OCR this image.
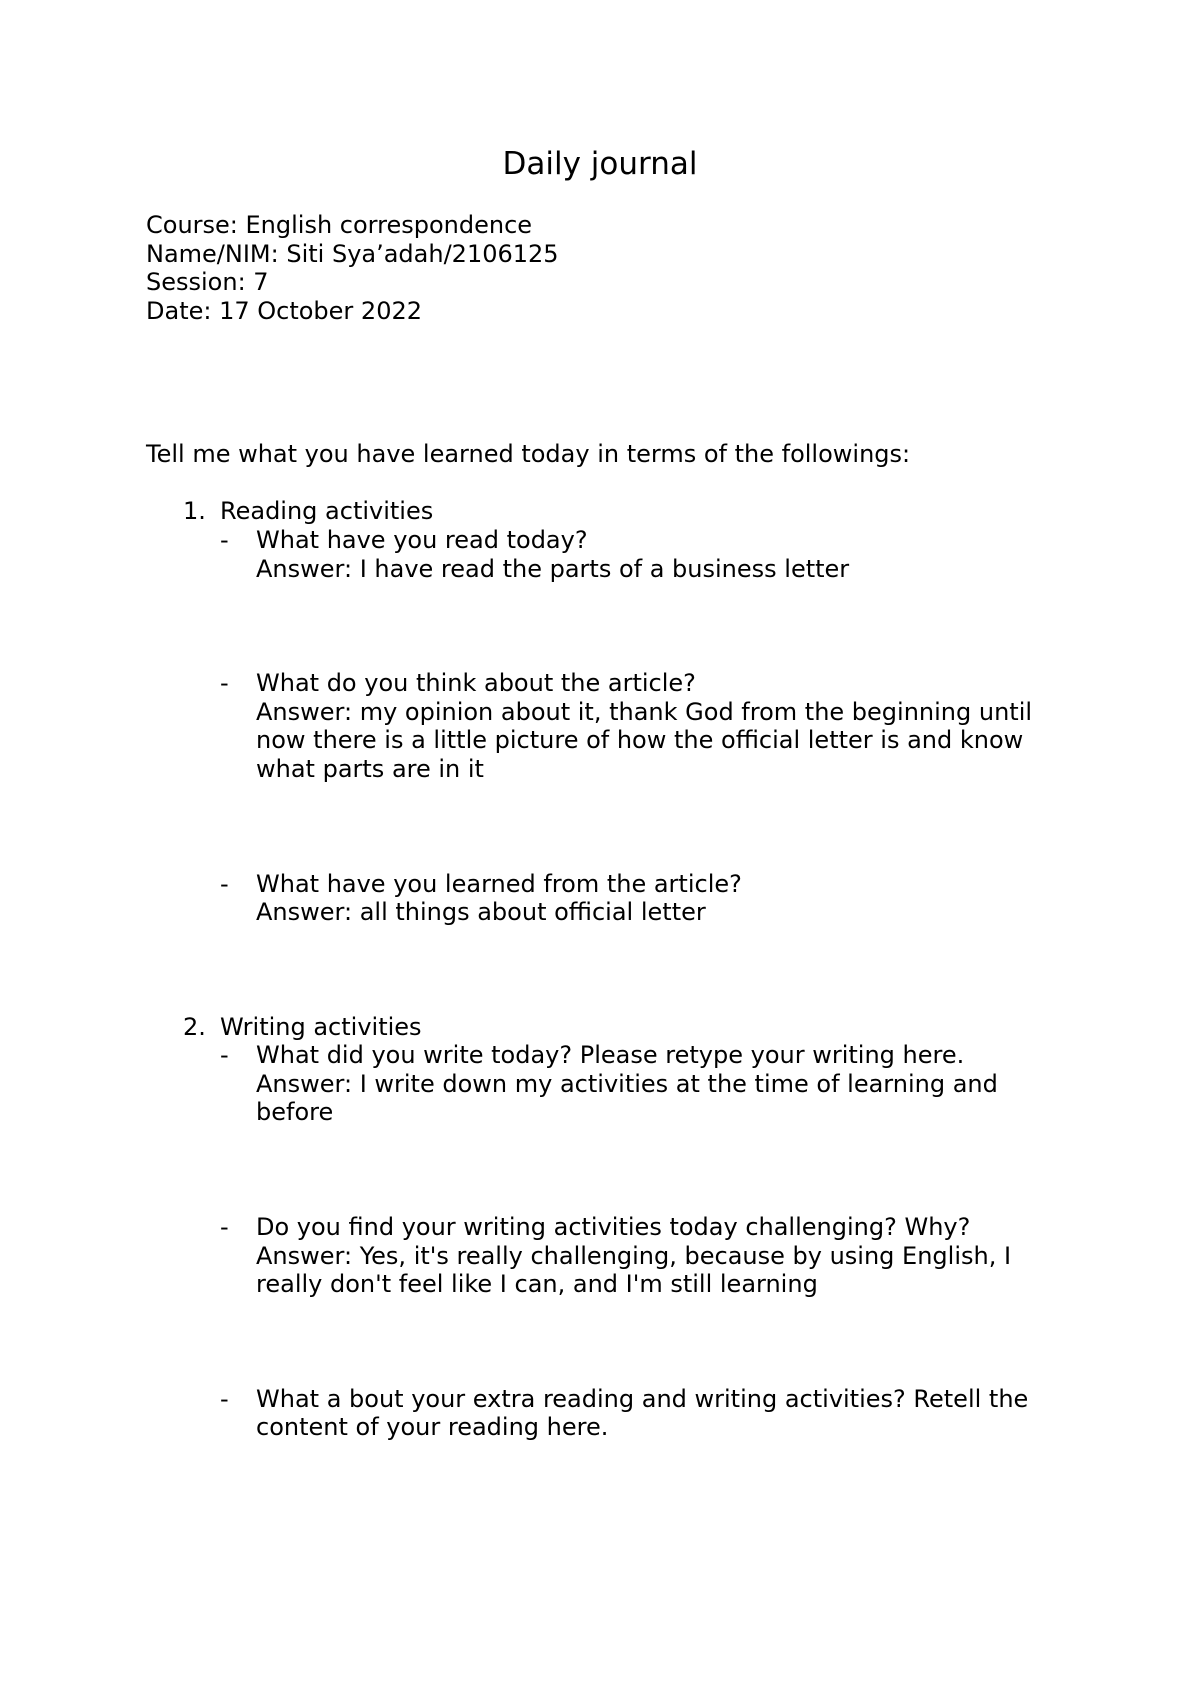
Daily journal
Course: English correspondence
Name/NIM: Siti Sya’adah/2106125
Session: 7
Date: 17 October 2022
Tell me what you have learned today in terms of the followings:
1. Reading activities
- What have you read today?
Answer: I have read the parts of a business letter
- What do you think about the article?
Answer: my opinion about it, thank God from the beginning until
now there is a little picture of how the official letter is and know
what parts are in it
- What have you learned from the article?
Answer: all things about official letter
2. Writing activities
- What did you write today? Please retype your writing here.
Answer: I write down my activities at the time of learning and
before
- Do you find your writing activities today challenging? Why?
Answer: Yes, it's really challenging, because by using English, I
really don't feel like I can, and I'm still learning
- What a bout your extra reading and writing activities? Retell the
content of your reading here.
